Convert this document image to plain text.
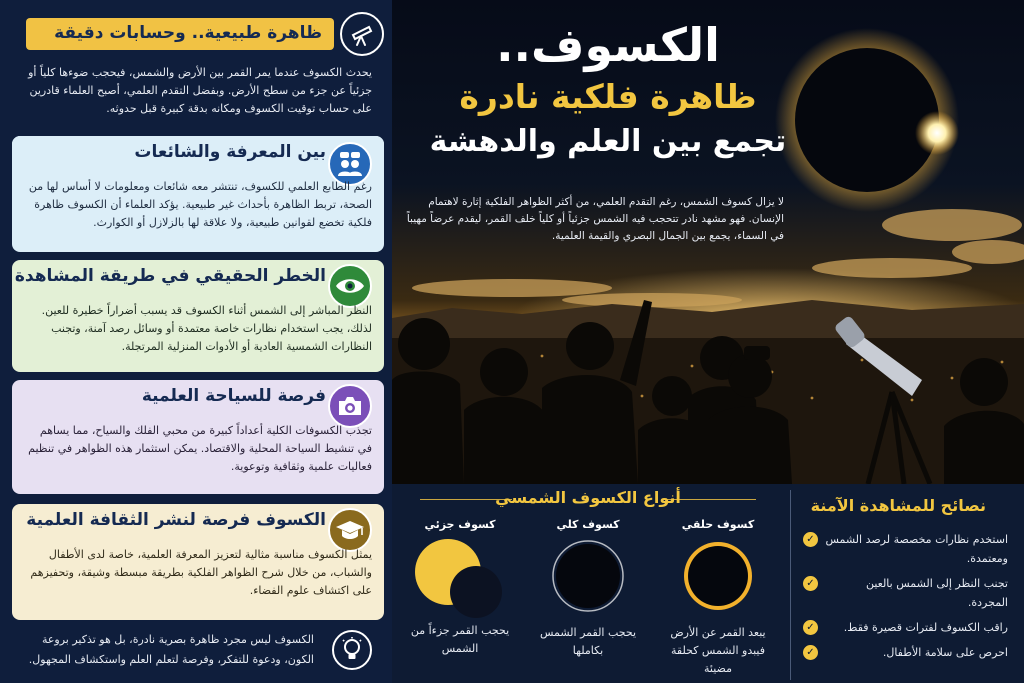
ظاهرة طبيعية.. وحسابات دقيقة

يحدث الكسوف عندما يمر القمر بين الأرض والشمس، فيحجب ضوءها كلياً أو جزئياً عن جزء من سطح الأرض. وبفضل التقدم العلمي، أصبح العلماء قادرين على حساب توقيت الكسوف ومكانه بدقة كبيرة قبل حدوثه.

بين المعرفة والشائعات

رغم الطابع العلمي للكسوف، تنتشر معه شائعات ومعلومات لا أساس لها من الصحة، تربط الظاهرة بأحداث غير طبيعية. يؤكد العلماء أن الكسوف ظاهرة فلكية تخضع لقوانين طبيعية، ولا علاقة لها بالزلازل أو الكوارث.

الخطر الحقيقي في طريقة المشاهدة

النظر المباشر إلى الشمس أثناء الكسوف قد يسبب أضراراً خطيرة للعين. لذلك، يجب استخدام نظارات خاصة معتمدة أو وسائل رصد آمنة، وتجنب النظارات الشمسية العادية أو الأدوات المنزلية المرتجلة.

فرصة للسياحة العلمية

تجذب الكسوفات الكلية أعداداً كبيرة من محبي الفلك والسياح، مما يساهم في تنشيط السياحة المحلية والاقتصاد. يمكن استثمار هذه الظواهر في تنظيم فعاليات علمية وثقافية وتوعوية.

الكسوف فرصة لنشر الثقافة العلمية

يمثل الكسوف مناسبة مثالية لتعزيز المعرفة العلمية، خاصة لدى الأطفال والشباب، من خلال شرح الظواهر الفلكية بطريقة مبسطة وشيقة، وتحفيزهم على اكتشاف علوم الفضاء.

الكسوف ليس مجرد ظاهرة بصرية نادرة، بل هو تذكير بروعة الكون، ودعوة للتفكر، وفرصة لتعلم العلم واستكشاف المجهول.

الكسوف..
ظاهرة فلكية نادرة
تجمع بين العلم والدهشة

لا يزال كسوف الشمس، رغم التقدم العلمي، من أكثر الظواهر الفلكية إثارة لاهتمام الإنسان. فهو مشهد نادر تتحجب فيه الشمس جزئياً أو كلياً خلف القمر، ليقدم عرضاً مهيباً في السماء، يجمع بين الجمال البصري والقيمة العلمية.

أنواع الكسوف الشمسي
كسوف حلقي
يبعد القمر عن الأرض فيبدو الشمس كحلقة مضيئة
كسوف كلي
يحجب القمر الشمس بكاملها
كسوف جزئي
يحجب القمر جزءاً من الشمس
نصائح للمشاهدة الآمنة
✓ استخدم نظارات مخصصة لرصد الشمس ومعتمدة.
✓	تجنب النظر إلى الشمس بالعين المجردة.
✓	راقب الكسوف لفترات قصيرة فقط.
✓	احرص على سلامة الأطفال.
